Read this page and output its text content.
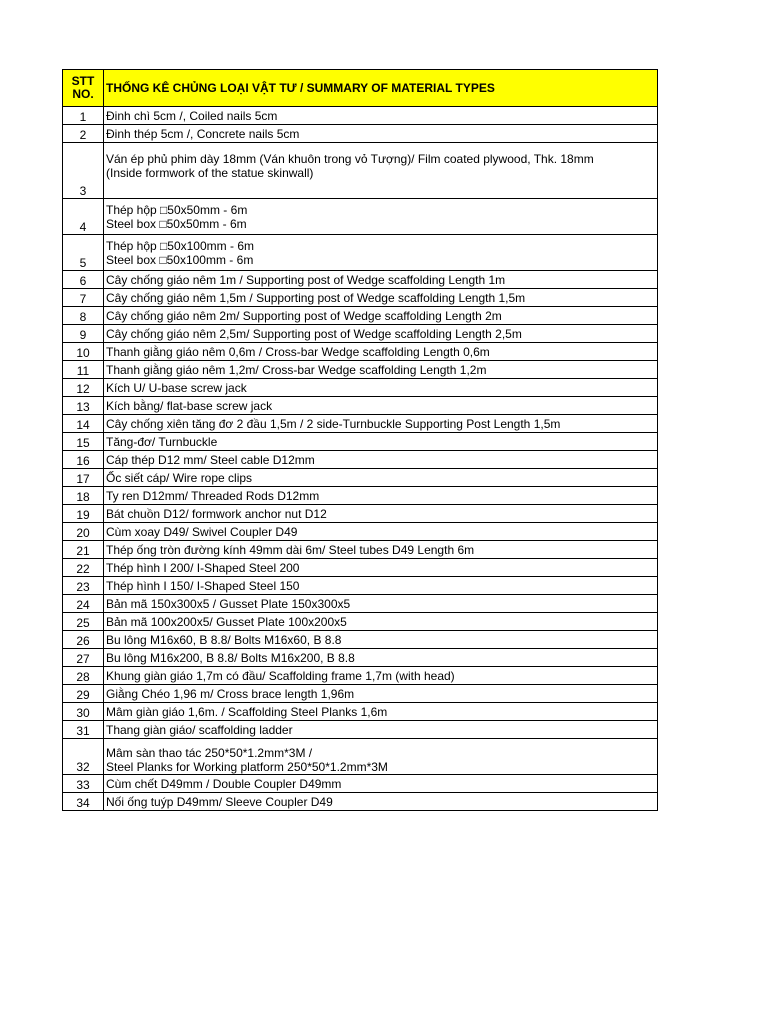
STT
NO.	THỐNG KÊ CHỦNG LOẠI VẬT TƯ / SUMMARY OF MATERIAL TYPES
1	Đinh chì 5cm /, Coiled nails 5cm

2	Đinh thép 5cm /, Concrete nails 5cm

3	Ván ép phủ phim dày 18mm (Ván khuôn trong vỏ Tượng)/ Film coated plywood, Thk. 18mm
(Inside formwork of the statue skinwall)

4	Thép hộp □50x50mm - 6m
Steel box □50x50mm - 6m

5	Thép hộp □50x100mm - 6m
Steel box □50x100mm - 6m

6	Cây chống giáo nêm 1m / Supporting post of Wedge scaffolding Length 1m

7	Cây chống giáo nêm 1,5m / Supporting post of Wedge scaffolding Length 1,5m

8	Cây chống giáo nêm 2m/ Supporting post of Wedge scaffolding Length 2m

9	Cây chống giáo nêm 2,5m/ Supporting post of Wedge scaffolding Length 2,5m

10	Thanh giằng giáo nêm 0,6m / Cross-bar Wedge scaffolding Length 0,6m

11	Thanh giằng giáo nêm 1,2m/ Cross-bar Wedge scaffolding Length 1,2m

12	Kích U/ U-base screw jack

13	Kích bằng/ flat-base screw jack

14	Cây chống xiên tăng đơ 2 đầu 1,5m / 2 side-Turnbuckle Supporting Post Length 1,5m

15	Tăng-đơ/ Turnbuckle

16	Cáp thép D12 mm/ Steel cable D12mm

17	Ốc siết cáp/ Wire rope clips

18	Ty ren D12mm/ Threaded Rods D12mm

19	Bát chuồn D12/ formwork anchor nut D12

20	Cùm xoay D49/ Swivel Coupler D49

21	Thép ống tròn đường kính 49mm dài 6m/ Steel tubes D49 Length 6m

22	Thép hình I 200/ I-Shaped Steel 200

23	Thép hình I 150/ I-Shaped Steel 150

24	Bản mã 150x300x5 / Gusset Plate 150x300x5

25	Bản mã 100x200x5/ Gusset Plate 100x200x5

26	Bu lông M16x60, B 8.8/ Bolts M16x60, B 8.8

27	Bu lông M16x200, B 8.8/ Bolts M16x200, B 8.8

28	Khung giàn giáo 1,7m có đầu/ Scaffolding frame 1,7m (with head)

29	Giằng Chéo 1,96 m/ Cross brace length 1,96m

30	Mâm giàn giáo 1,6m. / Scaffolding Steel Planks 1,6m

31	Thang giàn giáo/ scaffolding ladder

32	Mâm sàn thao tác 250*50*1.2mm*3M /
Steel Planks for Working platform 250*50*1.2mm*3M

33	Cùm chết D49mm / Double Coupler D49mm

34	Nối ống tuýp D49mm/ Sleeve Coupler D49
